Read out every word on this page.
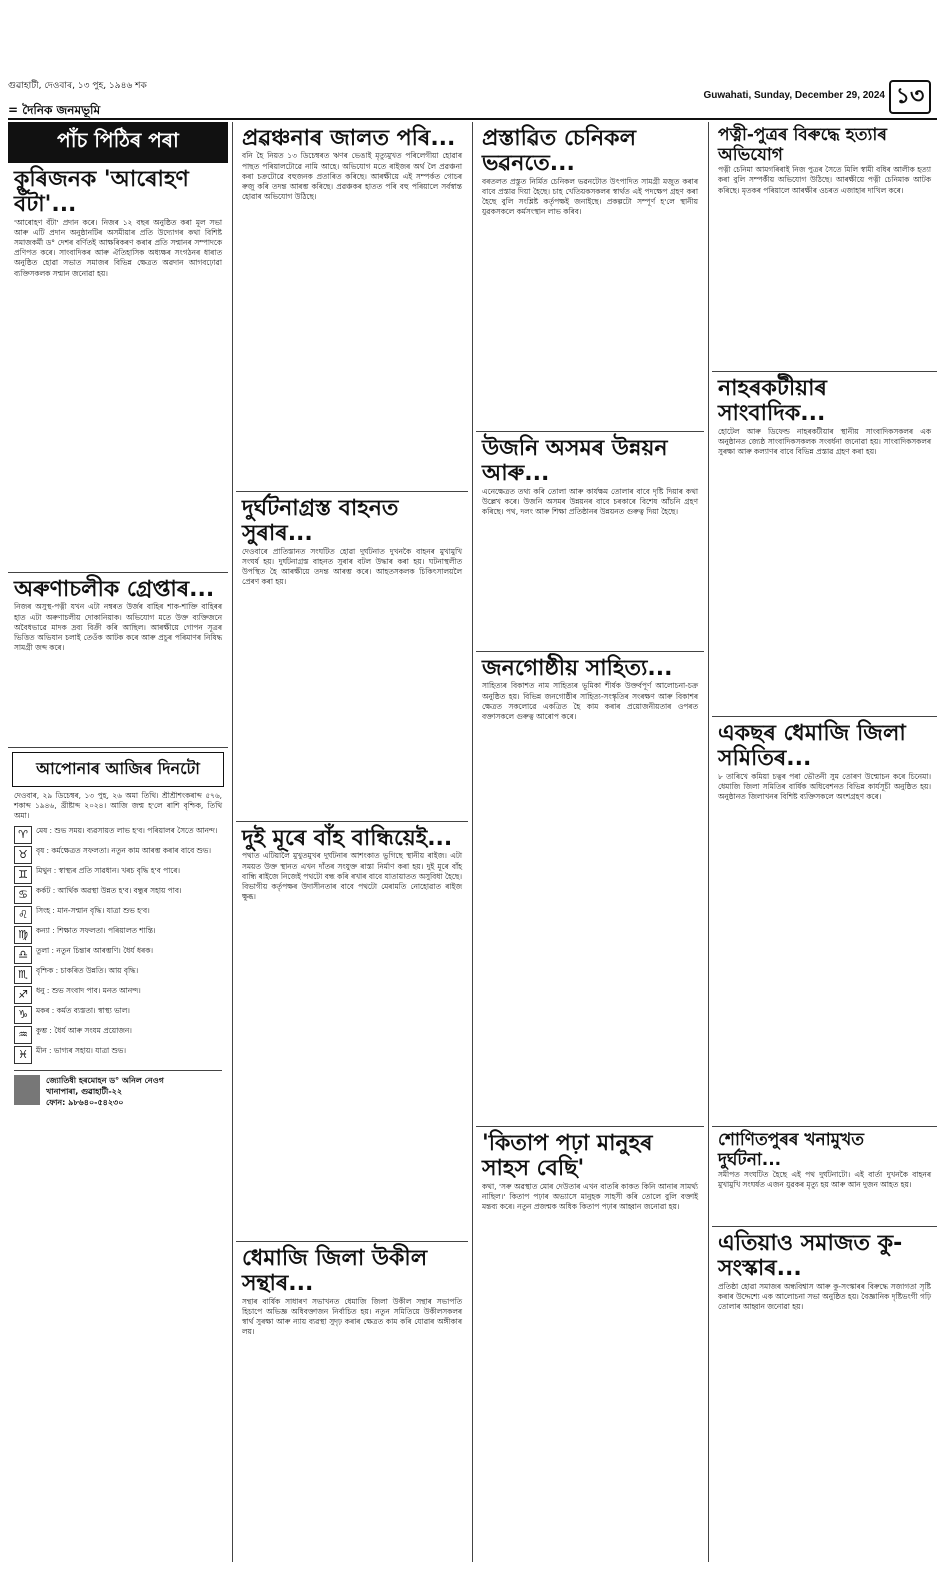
গুৱাহাটী, দেওবাৰ, ১৩ পুহ, ১৯৪৬ শক
= দৈনিক জনমভূমি
Guwahati, Sunday, December 29, 2024 ১৩
পাঁচ পিঠিৰ পৰা
কুৰিজনক 'আৰোহণ বঁটা'...
'আৰোহণ বঁটা' প্ৰদান কৰে। নিজৰ ১২ বছৰ অনুষ্ঠিত কৰা মূল সভা আৰু এটি প্ৰদান অনুষ্ঠানটিৰ অসমীয়াৰ প্ৰতি উদ্যোগৰ কথা বিশিষ্ট সমাজকৰ্মী ড° দেশৰ বৰ্ণিতই আক্ষৰিকৰণ কৰাৰ প্ৰতি সন্মানৰ সম্পাদকে প্ৰণিপত কৰে। সাংবাদিকৰ আৰু ঐতিহাসিক অধ্যক্ষৰ সংগঠনৰ ধাৰাত অনুষ্ঠিত হোৱা সভাত সমাজৰ বিভিন্ন ক্ষেত্ৰত অৱদান আগবঢ়োৱা ব্যক্তিসকলক সন্মান জনোৱা হয়।
অৰুণাচলীক গ্ৰেপ্তাৰ...
নিজৰ অসুস্থ-পত্নী যখন এটা নম্বৰত উৰ্জৰ বাহিৰ শাক-শাক্তি বাহিৰৰ হাত এটা অৰুণাচলীয় দোকানিয়াক। অভিযোগ মতে উক্ত ব্যক্তিজনে অবৈধভাৱে মাদক দ্ৰব্য বিক্ৰী কৰি আছিল। আৰক্ষীয়ে গোপন সূত্ৰৰ ভিত্তিত অভিযান চলাই তেওঁক আটক কৰে আৰু প্ৰচুৰ পৰিমাণৰ নিষিদ্ধ সামগ্ৰী জব্দ কৰে।
আপোনাৰ আজিৰ দিনটো
দেওবাৰ, ২৯ ডিচেম্বৰ, ১৩ পুহ, ২৬ অমা তিথি। শ্ৰীশ্ৰীশংকৰাব্দ ৫৭৬, শকাব্দ ১৯৪৬, খ্ৰীষ্টাব্দ ২০২৪। আজি জন্ম হ'লে ৰাশি বৃশ্চিক, তিথি অমা।
♈	মেষ : শুভ সময়। ব্যৱসায়ত লাভ হ'ব। পৰিয়ালৰ সৈতে আনন্দ।
♉	বৃষ : কৰ্মক্ষেত্ৰত সফলতা। নতুন কাম আৰম্ভ কৰাৰ বাবে শুভ।
♊	মিথুন : স্বাস্থ্যৰ প্ৰতি সাৱধান। খৰচ বৃদ্ধি হ'ব পাৰে।
♋	কৰ্কট : আৰ্থিক অৱস্থা উন্নত হ'ব। বন্ধুৰ সহায় পাব।
♌	সিংহ : মান-সন্মান বৃদ্ধি। যাত্ৰা শুভ হ'ব।
♍	কন্যা : শিক্ষাত সফলতা। পৰিয়ালত শান্তি।
♎	তুলা : নতুন চিন্তাৰ আৰম্ভণি। ধৈৰ্য ধৰক।
♏	বৃশ্চিক : চাকৰিত উন্নতি। আয় বৃদ্ধি।
♐	ধনু : শুভ সংবাদ পাব। মনত আনন্দ।
♑	মকৰ : কৰ্মত ব্যস্ততা। স্বাস্থ্য ভাল।
♒	কুম্ভ : ধৈৰ্য আৰু সংযম প্ৰয়োজন।
♓	মীন : ভাগ্যৰ সহায়। যাত্ৰা শুভ।
জ্যোতিষী হৰমোহন ড° অনিল নেওগ
খানাপাৰা, গুৱাহাটী-২২
ফোন: ৯৮৬৪০-৫৪২৩০
প্ৰৱঞ্চনাৰ জালত পৰি...
বনি হৈ নিয়ত ১৩ ডিচেম্বৰত ঋণৰ ভেঙাই মৃত্যুমুখত পৰিলেগীয়া হোৱাৰ পাছত পৰিয়ালটোৱে নামি আহে। অভিযোগ মতে ৰাইজৰ অৰ্থ লৈ প্ৰৱঞ্চনা কৰা চক্ৰটোৱে বহুজনক প্ৰতাৰিত কৰিছে। আৰক্ষীয়ে এই সম্পৰ্কত গোচৰ ৰুজু কৰি তদন্ত আৰম্ভ কৰিছে। প্ৰৱঞ্চকৰ হাতত পৰি বহু পৰিয়ালে সৰ্বস্বান্ত হোৱাৰ অভিযোগ উঠিছে।
দুৰ্ঘটনাগ্ৰস্ত বাহনত সুৰাৰ...
দেওবাৰে প্ৰাতিস্তানত সংঘটিত হোৱা দুৰ্ঘটনাত দুখনকৈ বাহনৰ মুখামুখি সংঘৰ্ষ হয়। দুৰ্ঘটনাগ্ৰস্ত বাহনত সুৰাৰ বটল উদ্ধাৰ কৰা হয়। ঘটনাস্থলীত উপস্থিত হৈ আৰক্ষীয়ে তদন্ত আৰম্ভ কৰে। আহতসকলক চিকিৎসালয়লৈ প্ৰেৰণ কৰা হয়।
দুই মূৰে বাঁহ বান্ধিয়েই...
পথাত এটিয়ালৈ মুখুতমুখৰ দুৰ্ঘটনাৰ আশংকাত ভুগিছে স্থানীয় ৰাইজ। এটা সময়ত উক্ত স্থানত এখন দাঁতৰ সংযুক্ত ৰাস্তা নিৰ্মাণ কৰা হয়। দুই মূৰে বাঁহ বান্ধি ৰাইজে নিজেই পথটো বন্ধ কৰি ৰখাৰ বাবে যাতায়াতত অসুবিধা হৈছে। বিভাগীয় কৰ্তৃপক্ষৰ উদাসীনতাৰ বাবে পথটো মেৰামতি নোহোৱাত ৰাইজ ক্ষুব্ধ।
ধেমাজি জিলা উকীল সন্থাৰ...
সন্থাৰ বাৰ্ষিক সাধাৰণ সভাখনত ধেমাজি জিলা উকীল সন্থাৰ সভাপতি হিচাপে অভিজ্ঞ অধিবক্তাজন নিৰ্বাচিত হয়। নতুন সমিতিয়ে উকীলসকলৰ স্বাৰ্থ সুৰক্ষা আৰু ন্যায় ব্যৱস্থা সুদৃঢ় কৰাৰ ক্ষেত্ৰত কাম কৰি যোৱাৰ অঙ্গীকাৰ লয়।
প্ৰস্তাৱিত চেনিকল ভৱনতে...
বৰতলত প্ৰস্তুত নিৰ্মিত চেনিকল ভৱনটোত উৎপাদিত সামগ্ৰী মজুত কৰাৰ বাবে প্ৰস্তাৱ দিয়া হৈছে। চাহ খেতিয়কসকলৰ স্বাৰ্থত এই পদক্ষেপ গ্ৰহণ কৰা হৈছে বুলি সংশ্লিষ্ট কৰ্তৃপক্ষই জনাইছে। প্ৰকল্পটো সম্পূৰ্ণ হ'লে স্থানীয় যুৱকসকলে কৰ্মসংস্থান লাভ কৰিব।
উজনি অসমৰ উন্নয়ন আৰু...
এনেক্ষেত্ৰত তথ্য কৰি তোলা আৰু কাৰ্যক্ষম তোলাৰ বাবে দৃষ্টি দিয়াৰ কথা উল্লেখ কৰে। উজনি অসমৰ উন্নয়নৰ বাবে চৰকাৰে বিশেষ আঁচনি গ্ৰহণ কৰিছে। পথ, দলং আৰু শিক্ষা প্ৰতিষ্ঠানৰ উন্নয়নত গুৰুত্ব দিয়া হৈছে।
জনগোষ্ঠীয় সাহিত্য...
সাহিত্যৰ বিকাশত নাম সাহিত্যৰ ভূমিকা শীৰ্ষক উক্তৰ্বপূৰ্ণ আলোচনা-চক্ৰ অনুষ্ঠিত হয়। বিভিন্ন জনগোষ্ঠীৰ সাহিত্য-সংস্কৃতিৰ সংৰক্ষণ আৰু বিকাশৰ ক্ষেত্ৰত সকলোৱে একত্ৰিত হৈ কাম কৰাৰ প্ৰয়োজনীয়তাৰ ওপৰত বক্তাসকলে গুৰুত্ব আৰোপ কৰে।
'কিতাপ পঢ়া মানুহৰ সাহস বেছি'
কথা, 'সৰু অৱস্থাত মোৰ দেউতাৰ এখন বাতৰি কাকত কিনি আনাৰ সামৰ্থ্য নাছিল।' কিতাপ পঢ়াৰ অভ্যাসে মানুহক সাহসী কৰি তোলে বুলি বক্তাই মন্তব্য কৰে। নতুন প্ৰজন্মক অধিক কিতাপ পঢ়াৰ আহ্বান জনোৱা হয়।
পত্নী-পুত্ৰৰ বিৰুদ্ধে হত্যাৰ অভিযোগ
পত্নী চেনিমা আমগৰিৰাই নিজ পুত্ৰৰ সৈতে মিলি স্বামী বধিৰ আলীক হত্যা কৰা বুলি সম্পৰ্কীয় অভিযোগ উঠিছে। আৰক্ষীয়ে পত্নী চেনিমাক আটক কৰিছে। মৃতকৰ পৰিয়ালে আৰক্ষীৰ ওচৰত এজাহাৰ দাখিল কৰে।
নাহৰকটীয়াৰ সাংবাদিক...
হোটেল আৰু ডিফেন্ড নাহৰকটীয়াৰ স্থানীয় সাংবাদিকসকলৰ এক অনুষ্ঠানত জ্যেষ্ঠ সাংবাদিকসকলক সংবৰ্ধনা জনোৱা হয়। সাংবাদিকসকলৰ সুৰক্ষা আৰু কল্যাণৰ বাবে বিভিন্ন প্ৰস্তাৱ গ্ৰহণ কৰা হয়।
একছৰ ধেমাজি জিলা সমিতিৰ...
৮ তাৰিখে কমিয়া চত্বৰ পৰা ভৌতনী সুম তোৰণ উন্মোচন কৰে চিনেমা। ধেমাজি জিলা সমিতিৰ বাৰ্ষিক অধিবেশনত বিভিন্ন কাৰ্যসূচী অনুষ্ঠিত হয়। অনুষ্ঠানত জিলাখনৰ বিশিষ্ট ব্যক্তিসকলে অংশগ্ৰহণ কৰে।
শোণিতপুৰৰ খনামুখত দুৰ্ঘটনা...
সমীপত সংঘটিত হৈছে এই পথ দুৰ্ঘটনাটো। এই বাৰ্তা দুখনকৈ বাহনৰ মুখামুখি সংঘৰ্ষত এজন যুৱকৰ মৃত্যু হয় আৰু আন দুজন আহত হয়।
এতিয়াও সমাজত কু-সংস্কাৰ...
প্ৰতিষ্ঠা হোৱা সমাজৰ অন্ধবিশ্বাস আৰু কু-সংস্কাৰৰ বিৰুদ্ধে সজাগতা সৃষ্টি কৰাৰ উদ্দেশ্যে এক আলোচনা সভা অনুষ্ঠিত হয়। বৈজ্ঞানিক দৃষ্টিভংগী গঢ়ি তোলাৰ আহ্বান জনোৱা হয়।
